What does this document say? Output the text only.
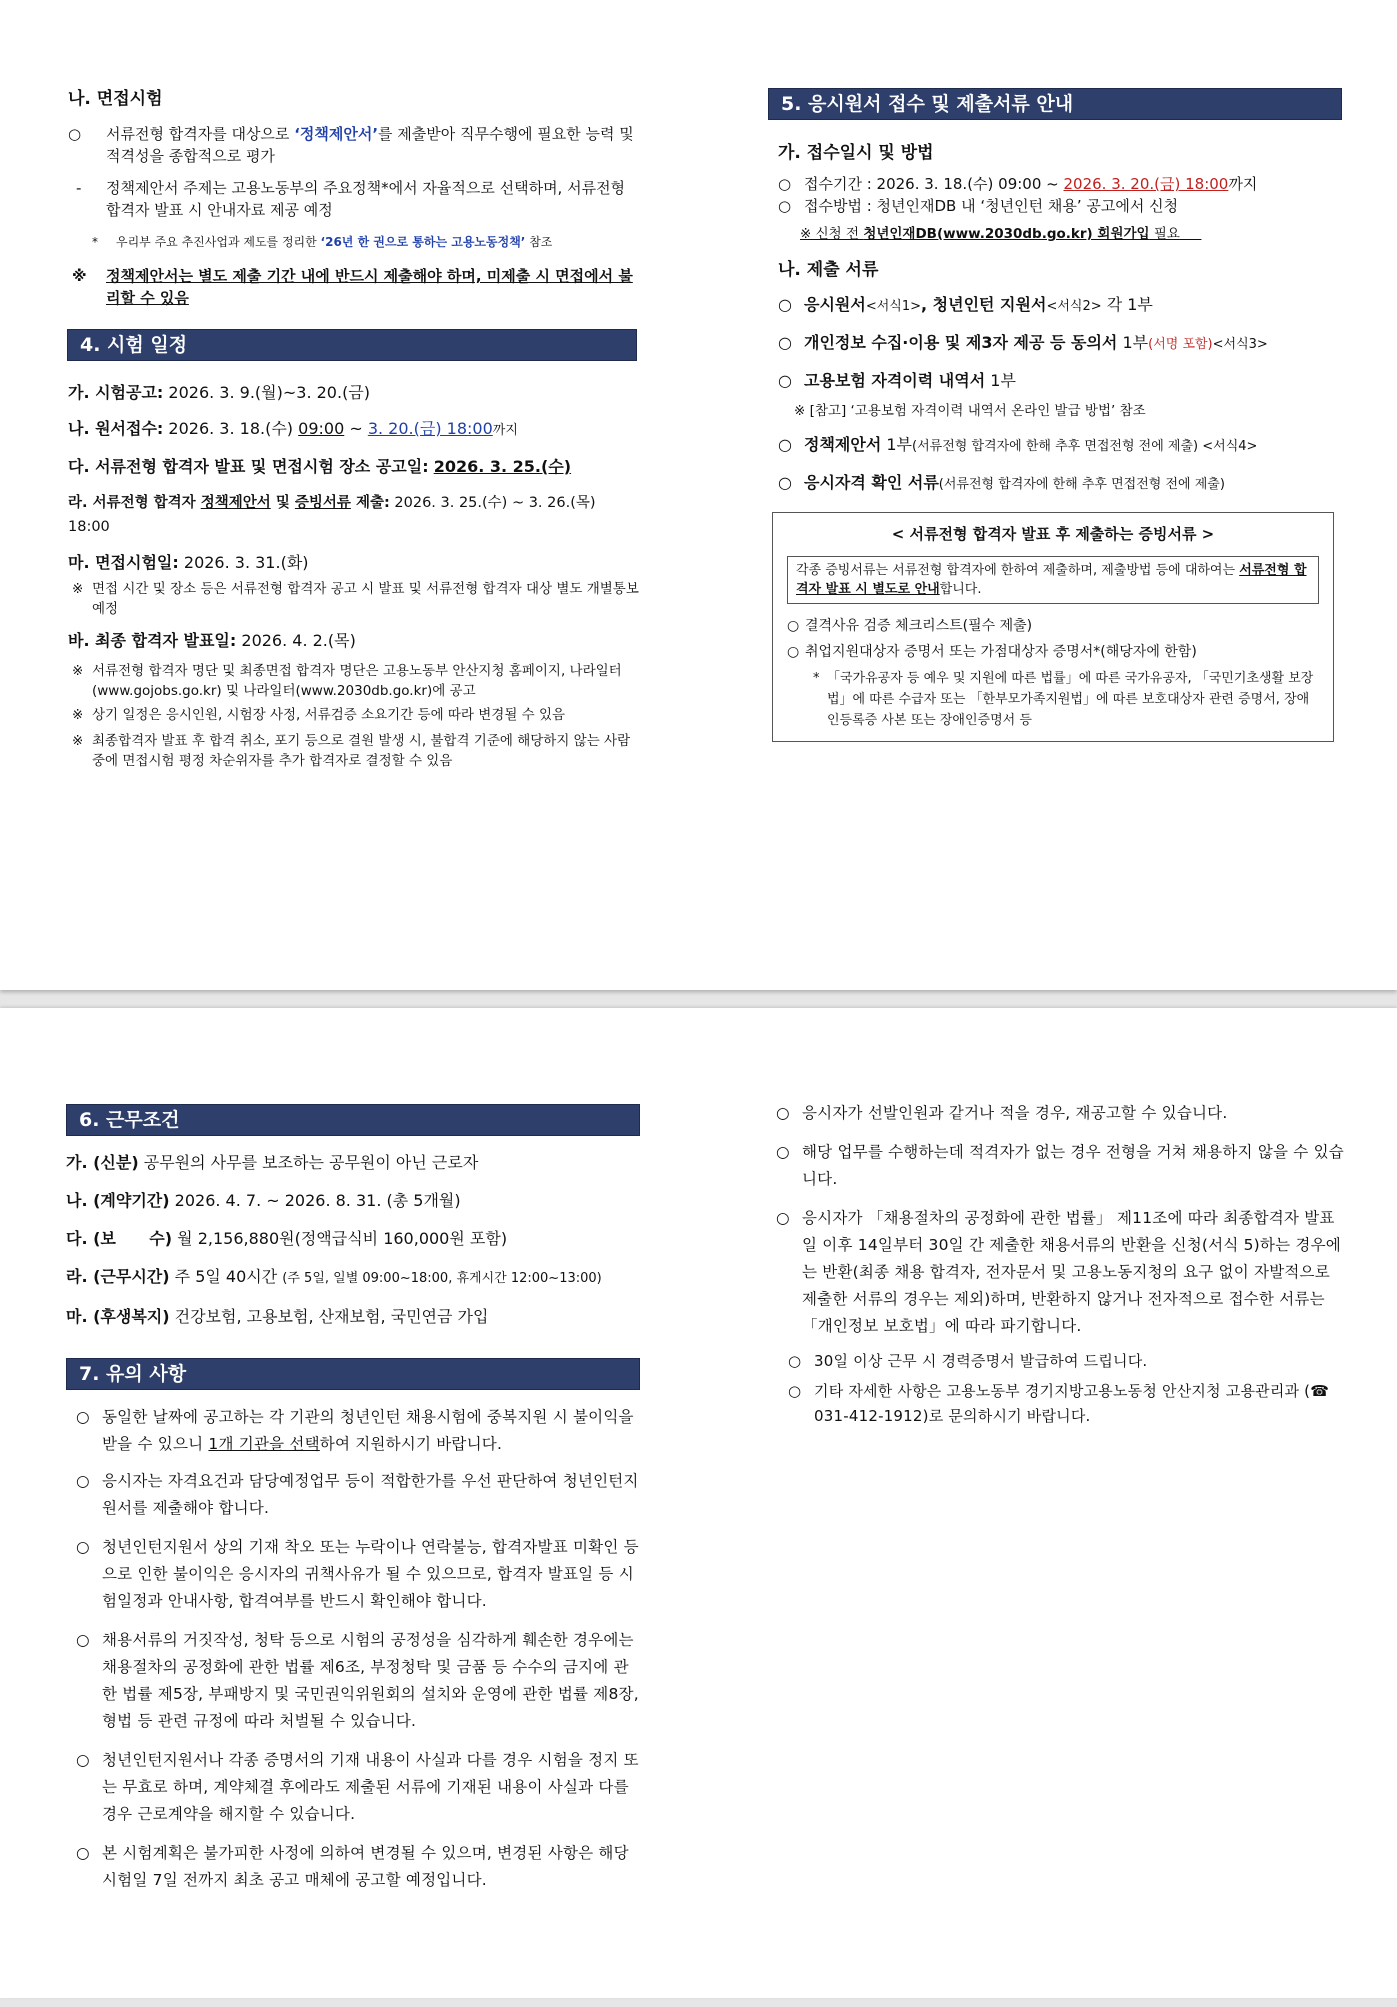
나. 면접시험

○ 서류전형 합격자를 대상으로 ‘정책제안서’를 제출받아 직무수행에 필요한 능력 및 적격성을 종합적으로 평가

- 정책제안서 주제는 고용노동부의 주요정책*에서 자율적으로 선택하며, 서류전형 합격자 발표 시 안내자료 제공 예정

* 우리부 주요 추진사업과 제도를 정리한 ‘26년 한 권으로 통하는 고용노동정책’ 참조

※ 정책제안서는 별도 제출 기간 내에 반드시 제출해야 하며, 미제출 시 면접에서 불리할 수 있음

4. 시험 일정

가. 시험공고: 2026. 3. 9.(월)~3. 20.(금)

나. 원서접수: 2026. 3. 18.(수) 09:00 ~ 3. 20.(금) 18:00까지

다. 서류전형 합격자 발표 및 면접시험 장소 공고일: 2026. 3. 25.(수)

라. 서류전형 합격자 정책제안서 및 증빙서류 제출: 2026. 3. 25.(수) ~ 3. 26.(목) 18:00

마. 면접시험일: 2026. 3. 31.(화)

※ 면접 시간 및 장소 등은 서류전형 합격자 공고 시 발표 및 서류전형 합격자 대상 별도 개별통보 예정

바. 최종 합격자 발표일: 2026. 4. 2.(목)

※ 서류전형 합격자 명단 및 최종면접 합격자 명단은 고용노동부 안산지청 홈페이지, 나라일터(www.gojobs.go.kr) 및 나라일터(www.2030db.go.kr)에 공고

※ 상기 일정은 응시인원, 시험장 사정, 서류검증 소요기간 등에 따라 변경될 수 있음

※ 최종합격자 발표 후 합격 취소, 포기 등으로 결원 발생 시, 불합격 기준에 해당하지 않는 사람 중에 면접시험 평정 차순위자를 추가 합격자로 결정할 수 있음

5. 응시원서 접수 및 제출서류 안내

가. 접수일시 및 방법

○ 접수기간 : 2026. 3. 18.(수) 09:00 ~ 2026. 3. 20.(금) 18:00까지

○ 접수방법 : 청년인재DB 내 ‘청년인턴 채용’ 공고에서 신청

※ 신청 전 청년인재DB(www.2030db.go.kr) 회원가입 필요

나. 제출 서류

○ 응시원서<서식1>, 청년인턴 지원서<서식2> 각 1부

○ 개인정보 수집·이용 및 제3자 제공 등 동의서 1부(서명 포함)<서식3>

○ 고용보험 자격이력 내역서 1부

※ [참고] ‘고용보험 자격이력 내역서 온라인 발급 방법’ 참조

○ 정책제안서 1부(서류전형 합격자에 한해 추후 면접전형 전에 제출) <서식4>

○ 응시자격 확인 서류(서류전형 합격자에 한해 추후 면접전형 전에 제출)

< 서류전형 합격자 발표 후 제출하는 증빙서류 >

각종 증빙서류는 서류전형 합격자에 한하여 제출하며, 제출방법 등에 대하여는 서류전형 합격자 발표 시 별도로 안내합니다.

○ 결격사유 검증 체크리스트(필수 제출)

○ 취업지원대상자 증명서 또는 가점대상자 증명서*(해당자에 한함)

* 「국가유공자 등 예우 및 지원에 따른 법률」에 따른 국가유공자, 「국민기초생활 보장법」에 따른 수급자 또는 「한부모가족지원법」에 따른 보호대상자 관련 증명서, 장애인등록증 사본 또는 장애인증명서 등

6. 근무조건

가. (신분) 공무원의 사무를 보조하는 공무원이 아닌 근로자

나. (계약기간) 2026. 4. 7. ~ 2026. 8. 31. (총 5개월)

다. (보      수) 월 2,156,880원(정액급식비 160,000원 포함)

라. (근무시간) 주 5일 40시간 (주 5일, 일별 09:00~18:00, 휴게시간 12:00~13:00)

마. (후생복지) 건강보험, 고용보험, 산재보험, 국민연금 가입

7. 유의 사항

○ 동일한 날짜에 공고하는 각 기관의 청년인턴 채용시험에 중복지원 시 불이익을 받을 수 있으니 1개 기관을 선택하여 지원하시기 바랍니다.

○ 응시자는 자격요건과 담당예정업무 등이 적합한가를 우선 판단하여 청년인턴지원서를 제출해야 합니다.

○ 청년인턴지원서 상의 기재 착오 또는 누락이나 연락불능, 합격자발표 미확인 등으로 인한 불이익은 응시자의 귀책사유가 될 수 있으므로, 합격자 발표일 등 시험일정과 안내사항, 합격여부를 반드시 확인해야 합니다.

○ 채용서류의 거짓작성, 청탁 등으로 시험의 공정성을 심각하게 훼손한 경우에는 채용절차의 공정화에 관한 법률 제6조, 부정청탁 및 금품 등 수수의 금지에 관한 법률 제5장, 부패방지 및 국민권익위원회의 설치와 운영에 관한 법률 제8장, 형법 등 관련 규정에 따라 처벌될 수 있습니다.

○ 청년인턴지원서나 각종 증명서의 기재 내용이 사실과 다를 경우 시험을 정지 또는 무효로 하며, 계약체결 후에라도 제출된 서류에 기재된 내용이 사실과 다를 경우 근로계약을 해지할 수 있습니다.

○ 본 시험계획은 불가피한 사정에 의하여 변경될 수 있으며, 변경된 사항은 해당 시험일 7일 전까지 최초 공고 매체에 공고할 예정입니다.

○ 응시자가 선발인원과 같거나 적을 경우, 재공고할 수 있습니다.

○ 해당 업무를 수행하는데 적격자가 없는 경우 전형을 거쳐 채용하지 않을 수 있습니다.

○ 응시자가 「채용절차의 공정화에 관한 법률」 제11조에 따라 최종합격자 발표일 이후 14일부터 30일 간 제출한 채용서류의 반환을 신청(서식 5)하는 경우에는 반환(최종 채용 합격자, 전자문서 및 고용노동지청의 요구 없이 자발적으로 제출한 서류의 경우는 제외)하며, 반환하지 않거나 전자적으로 접수한 서류는 「개인정보 보호법」에 따라 파기합니다.

○ 30일 이상 근무 시 경력증명서 발급하여 드립니다.

○ 기타 자세한 사항은 고용노동부 경기지방고용노동청 안산지청 고용관리과 (☎ 031-412-1912)로 문의하시기 바랍니다.
